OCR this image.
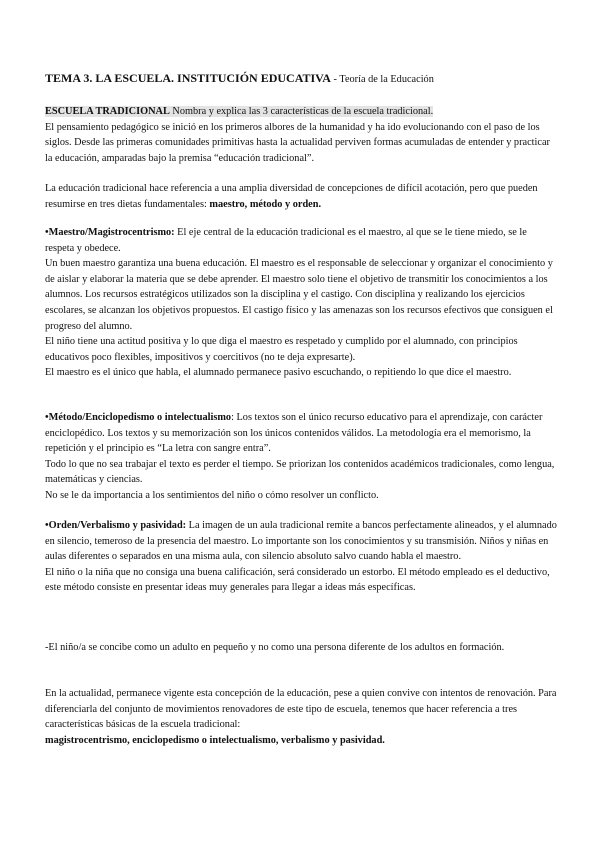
TEMA 3. LA ESCUELA. INSTITUCIÓN EDUCATIVA - Teoría de la Educación

ESCUELA TRADICIONAL Nombra y explica las 3 características de la escuela tradicional.
El pensamiento pedagógico se inició en los primeros albores de la humanidad y ha ido evolucionando con el paso de los siglos. Desde las primeras comunidades primitivas hasta la actualidad perviven formas acumuladas de entender y practicar la educación, amparadas bajo la premisa “educación tradicional”.

La educación tradicional hace referencia a una amplia diversidad de concepciones de difícil acotación, pero que pueden resumirse en tres dietas fundamentales: maestro, método y orden.

•Maestro/Magistrocentrismo: El eje central de la educación tradicional es el maestro, al que se le tiene miedo, se le respeta y obedece.
Un buen maestro garantiza una buena educación. El maestro es el responsable de seleccionar y organizar el conocimiento y de aislar y elaborar la materia que se debe aprender. El maestro solo tiene el objetivo de transmitir los conocimientos a los alumnos. Los recursos estratégicos utilizados son la disciplina y el castigo. Con disciplina y realizando los ejercicios escolares, se alcanzan los objetivos propuestos. El castigo físico y las amenazas son los recursos efectivos que consiguen el progreso del alumno.
El niño tiene una actitud positiva y lo que diga el maestro es respetado y cumplido por el alumnado, con principios educativos poco flexibles, impositivos y coercitivos (no te deja expresarte).
El maestro es el único que habla, el alumnado permanece pasivo escuchando, o repitiendo lo que dice el maestro.

•Método/Enciclopedismo o intelectualismo: Los textos son el único recurso educativo para el aprendizaje, con carácter enciclopédico. Los textos y su memorización son los únicos contenidos válidos. La metodología era el memorismo, la repetición y el principio es “La letra con sangre entra”.
Todo lo que no sea trabajar el texto es perder el tiempo. Se priorizan los contenidos académicos tradicionales, como lengua, matemáticas y ciencias.
No se le da importancia a los sentimientos del niño o cómo resolver un conflicto.

•Orden/Verbalismo y pasividad: La imagen de un aula tradicional remite a bancos perfectamente alineados, y el alumnado en silencio, temeroso de la presencia del maestro. Lo importante son los conocimientos y su transmisión. Niños y niñas en aulas diferentes o separados en una misma aula, con silencio absoluto salvo cuando habla el maestro.
El niño o la niña que no consiga una buena calificación, será considerado un estorbo. El método empleado es el deductivo, este método consiste en presentar ideas muy generales para llegar a ideas más específicas.

-El niño/a se concibe como un adulto en pequeño y no como una persona diferente de los adultos en formación.

En la actualidad, permanece vigente esta concepción de la educación, pese a quien convive con intentos de renovación. Para diferenciarla del conjunto de movimientos renovadores de este tipo de escuela, tenemos que hacer referencia a tres características básicas de la escuela tradicional:
magistrocentrismo, enciclopedismo o intelectualismo, verbalismo y pasividad.
